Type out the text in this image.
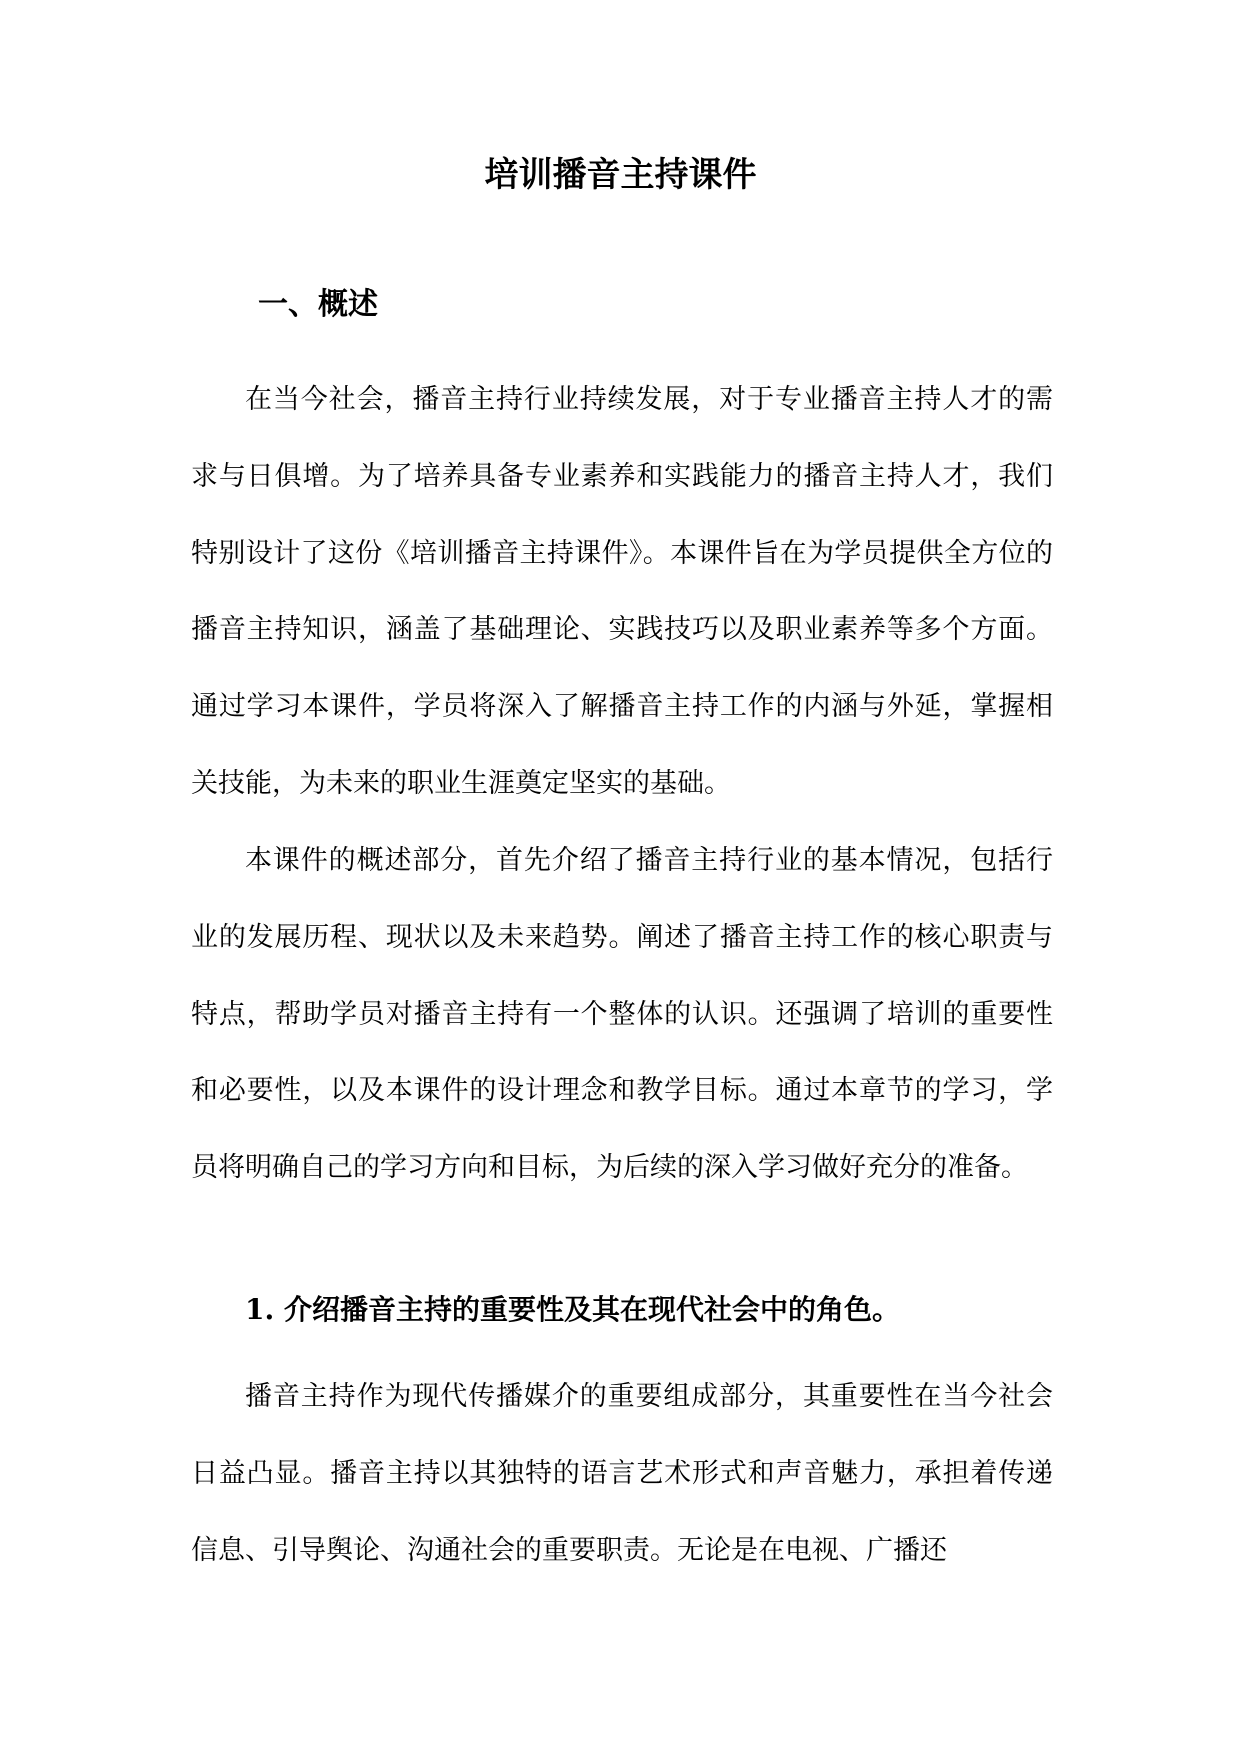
培训播音主持课件
一、概述

在当今社会，播音主持行业持续发展，对于专业播音主持人才的需求与日俱增。为了培养具备专业素养和实践能力的播音主持人才，我们特别设计了这份《培训播音主持课件》。本课件旨在为学员提供全方位的播音主持知识，涵盖了基础理论、实践技巧以及职业素养等多个方面。通过学习本课件，学员将深入了解播音主持工作的内涵与外延，掌握相关技能，为未来的职业生涯奠定坚实的基础。

本课件的概述部分，首先介绍了播音主持行业的基本情况，包括行业的发展历程、现状以及未来趋势。阐述了播音主持工作的核心职责与特点，帮助学员对播音主持有一个整体的认识。还强调了培训的重要性和必要性，以及本课件的设计理念和教学目标。通过本章节的学习，学员将明确自己的学习方向和目标，为后续的深入学习做好充分的准备。

1. 介绍播音主持的重要性及其在现代社会中的角色。

播音主持作为现代传播媒介的重要组成部分，其重要性在当今社会日益凸显。播音主持以其独特的语言艺术形式和声音魅力，承担着传递信息、引导舆论、沟通社会的重要职责。无论是在电视、广播还
